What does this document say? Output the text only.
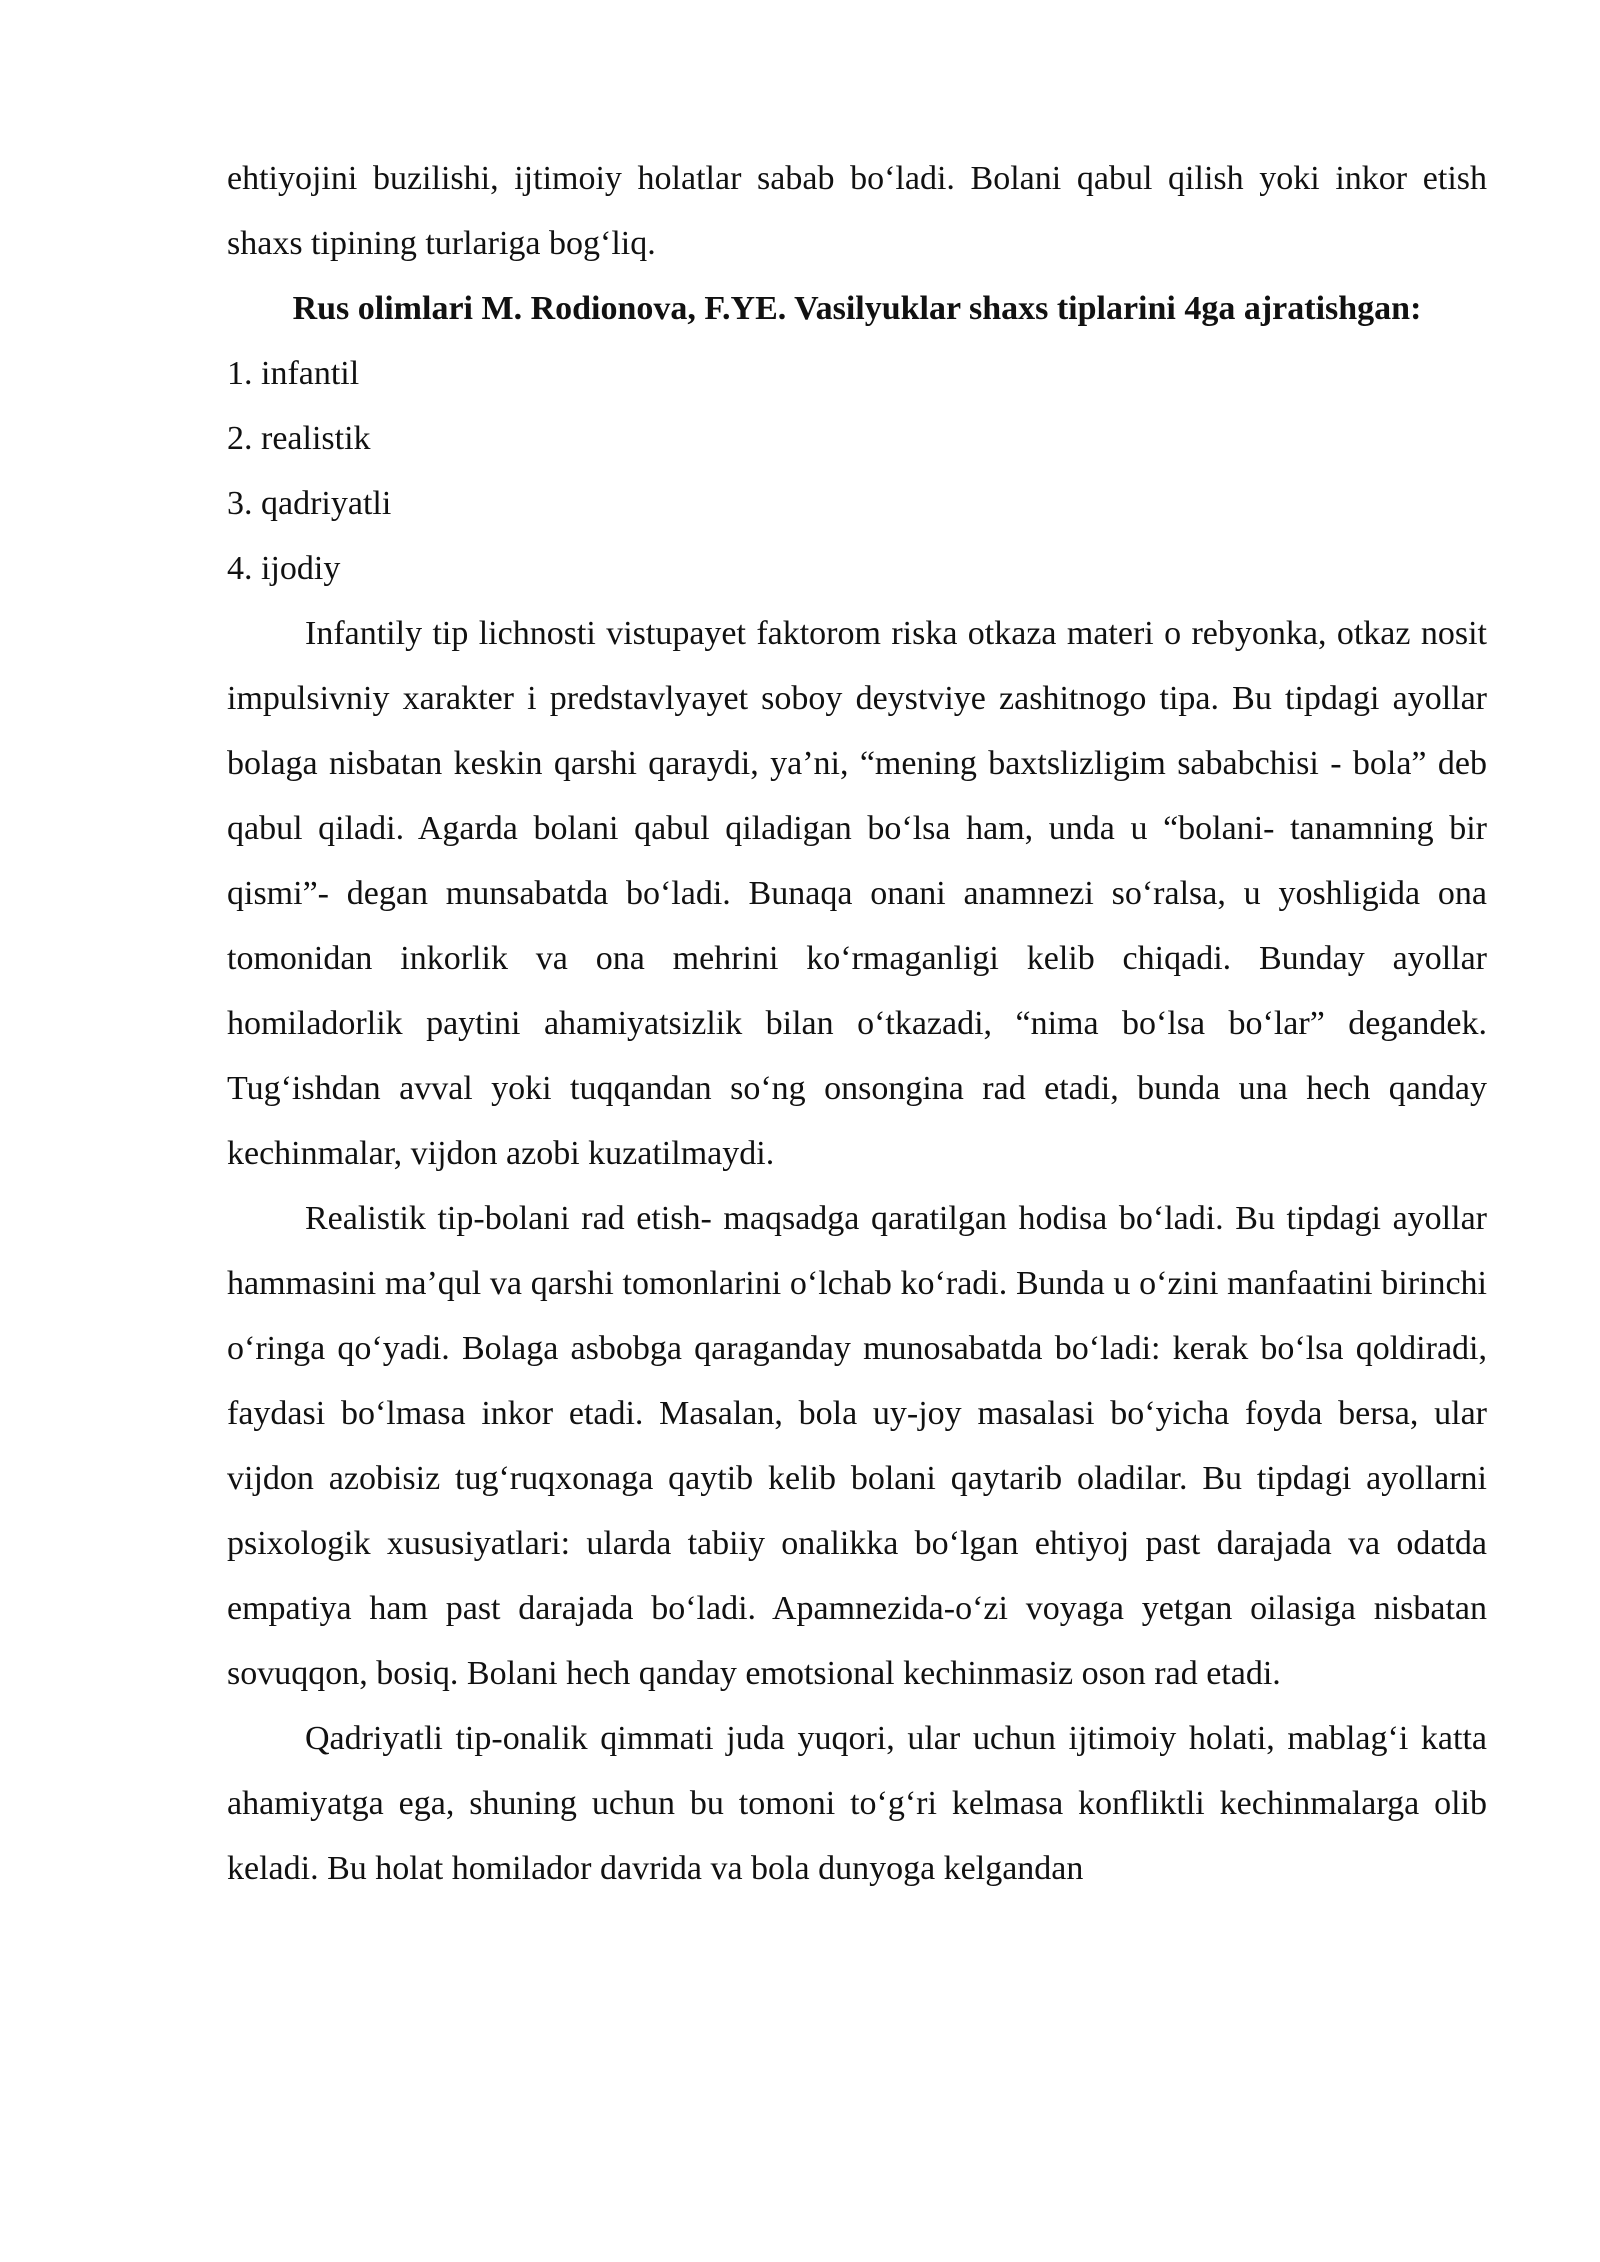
ehtiyojini buzilishi, ijtimoiy holatlar sabab bo‘ladi. Bolani qabul qilish yoki inkor etish shaxs tipining turlariga bog‘liq.

Rus olimlari M. Rodionova, F.YE. Vasilyuklar shaxs tiplarini 4ga ajratishgan:

1. infantil
2. realistik
3. qadriyatli
4. ijodiy

Infantily tip lichnosti vistupayet faktorom riska otkaza materi o rebyonka, otkaz nosit impulsivniy xarakter i predstavlyayet soboy deystviye zashitnogo tipa. Bu tipdagi ayollar bolaga nisbatan keskin qarshi qaraydi, ya’ni, “mening baxtslizligim sababchisi - bola” deb qabul qiladi. Agarda bolani qabul qiladigan bo‘lsa ham, unda u “bolani- tanamning bir qismi”- degan munsabatda bo‘ladi. Bunaqa onani anamnezi so‘ralsa, u yoshligida ona tomonidan inkorlik va ona mehrini ko‘rmaganligi kelib chiqadi. Bunday ayollar homiladorlik paytini ahamiyatsizlik bilan o‘tkazadi, “nima bo‘lsa bo‘lar” degandek. Tug‘ishdan avval yoki tuqqandan so‘ng onsongina rad etadi, bunda una hech qanday kechinmalar, vijdon azobi kuzatilmaydi.

Realistik tip-bolani rad etish- maqsadga qaratilgan hodisa bo‘ladi. Bu tipdagi ayollar hammasini ma’qul va qarshi tomonlarini o‘lchab ko‘radi. Bunda u o‘zini manfaatini birinchi o‘ringa qo‘yadi. Bolaga asbobga qaraganday munosabatda bo‘ladi: kerak bo‘lsa qoldiradi, faydasi bo‘lmasa inkor etadi. Masalan, bola uy-joy masalasi bo‘yicha foyda bersa, ular vijdon azobisiz tug‘ruqxonaga qaytib kelib bolani qaytarib oladilar. Bu tipdagi ayollarni psixologik xususiyatlari: ularda tabiiy onalikka bo‘lgan ehtiyoj past darajada va odatda empatiya ham past darajada bo‘ladi. Apamnezida-o‘zi voyaga yetgan oilasiga nisbatan sovuqqon, bosiq. Bolani hech qanday emotsional kechinmasiz oson rad etadi.

Qadriyatli tip-onalik qimmati juda yuqori, ular uchun ijtimoiy holati, mablag‘i katta ahamiyatga ega, shuning uchun bu tomoni to‘g‘ri kelmasa konfliktli kechinmalarga olib keladi. Bu holat homilador davrida va bola dunyoga kelgandan
